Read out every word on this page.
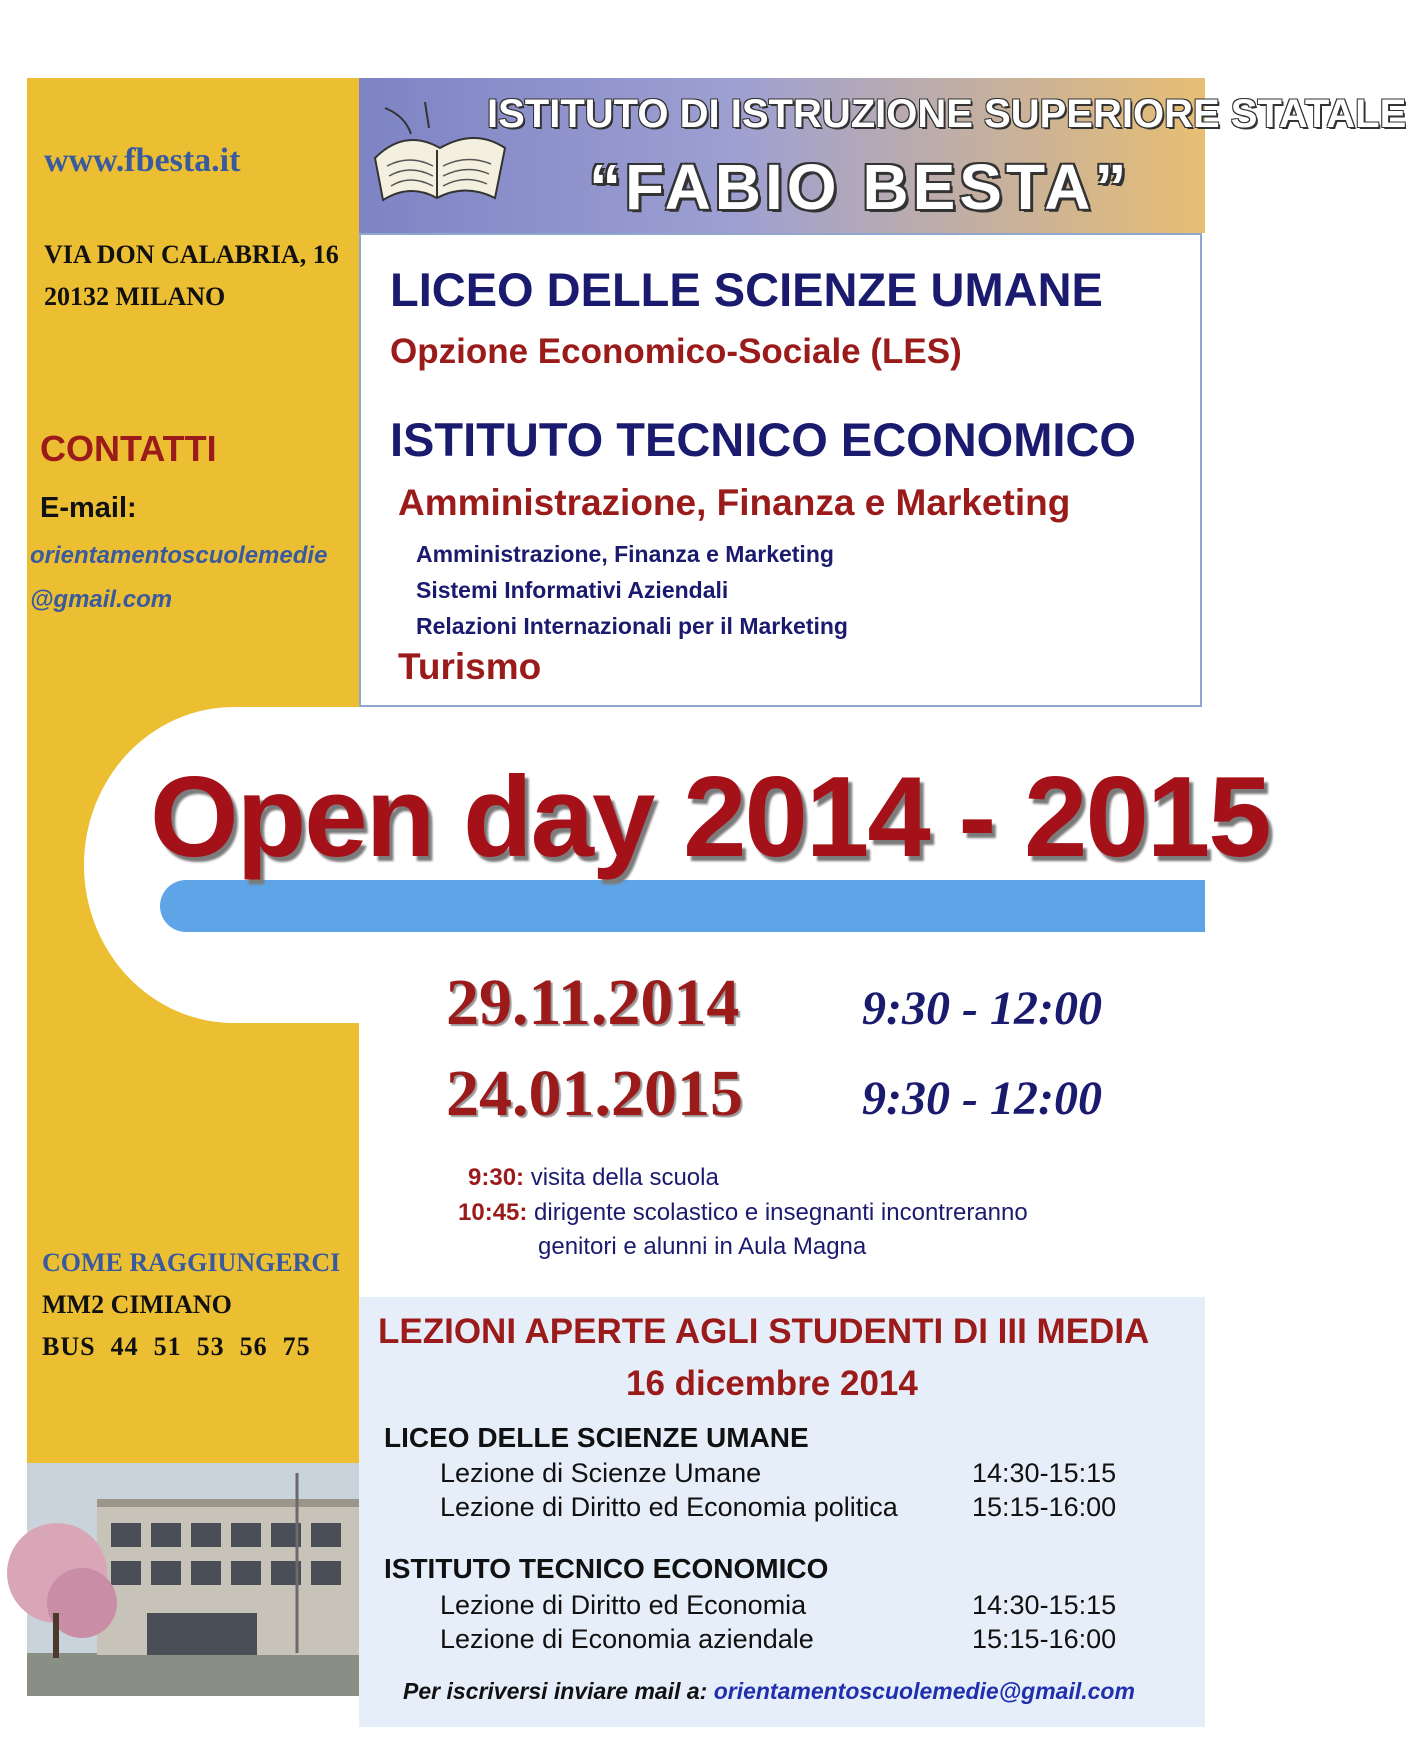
ISTITUTO DI ISTRUZIONE SUPERIORE STATALE
“FABIO BESTA”
www.fbesta.it
VIA DON CALABRIA, 16
20132 MILANO
CONTATTI
E-mail:
orientamentoscuolemedie
@gmail.com
COME RAGGIUNGERCI
MM2 CIMIANO
BUS  44  51  53  56  75
LICEO DELLE SCIENZE UMANE
Opzione Economico-Sociale (LES)
ISTITUTO TECNICO ECONOMICO
Amministrazione, Finanza e Marketing
Amministrazione, Finanza e Marketing
Sistemi Informativi Aziendali
Relazioni Internazionali per il Marketing
Turismo
Open day 2014 - 2015
29.11.2014	9:30 - 12:00
24.01.2015 9:30 - 12:00
9:30: visita della scuola
10:45: dirigente scolastico e insegnanti incontreranno
genitori e alunni in Aula Magna
LEZIONI APERTE AGLI STUDENTI DI III MEDIA
16 dicembre 2014
LICEO DELLE SCIENZE UMANE
Lezione di Scienze Umane	14:30-15:15
Lezione di Diritto ed Economia politica	15:15-16:00
ISTITUTO TECNICO ECONOMICO
Lezione di Diritto ed Economia	14:30-15:15
Lezione di Economia aziendale	15:15-16:00
Per iscriversi inviare mail a: orientamentoscuolemedie@gmail.com
